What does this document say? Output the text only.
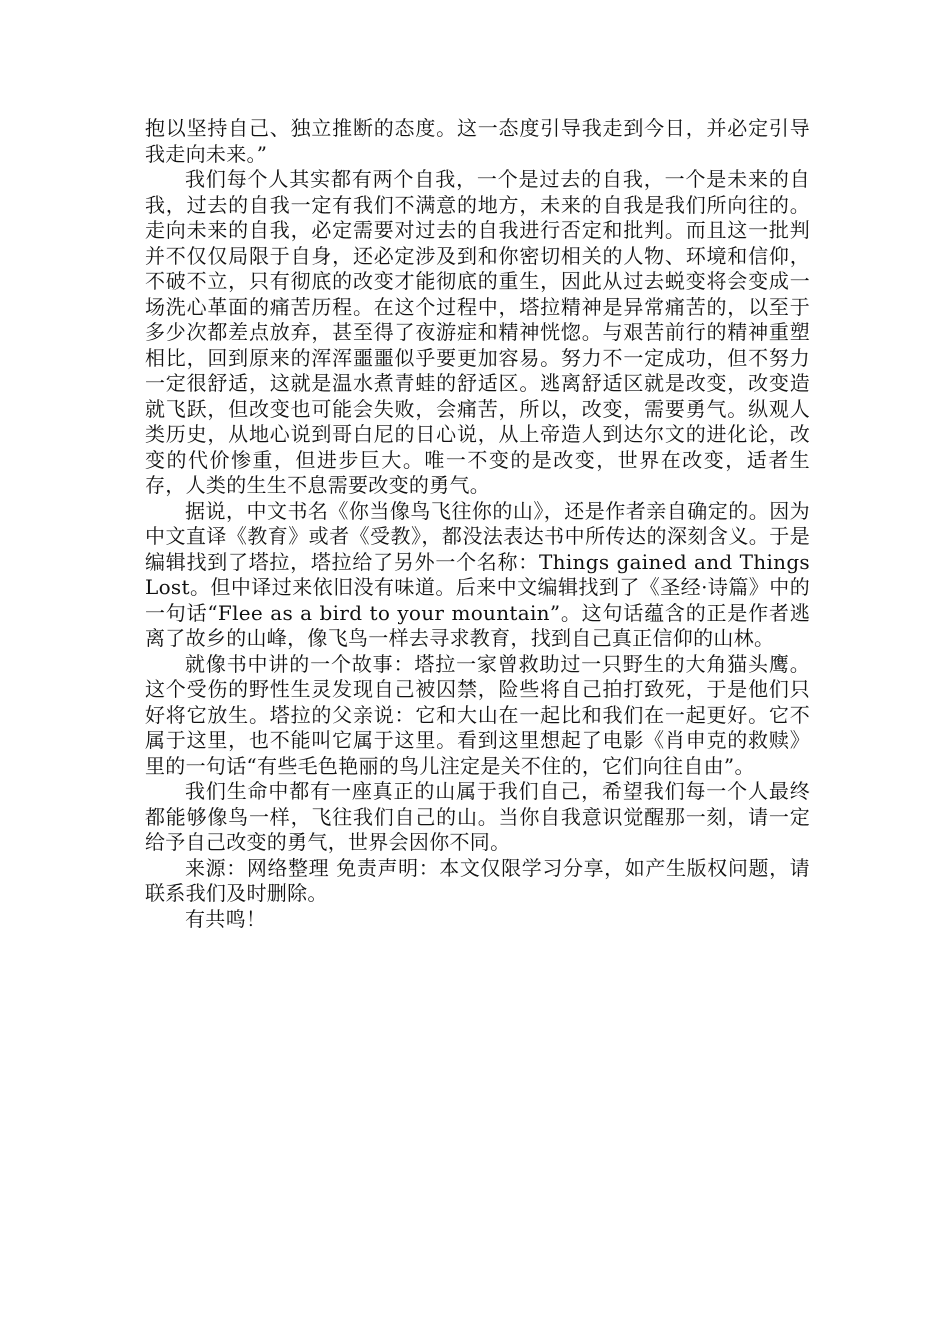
抱以坚持自己、独立推断的态度。这一态度引导我走到今日，并必定引导我走向未来。”

我们每个人其实都有两个自我，一个是过去的自我，一个是未来的自我，过去的自我一定有我们不满意的地方，未来的自我是我们所向往的。走向未来的自我，必定需要对过去的自我进行否定和批判。而且这一批判并不仅仅局限于自身，还必定涉及到和你密切相关的人物、环境和信仰，不破不立，只有彻底的改变才能彻底的重生，因此从过去蜕变将会变成一场洗心革面的痛苦历程。在这个过程中，塔拉精神是异常痛苦的，以至于多少次都差点放弃，甚至得了夜游症和精神恍惚。与艰苦前行的精神重塑相比，回到原来的浑浑噩噩似乎要更加容易。努力不一定成功，但不努力一定很舒适，这就是温水煮青蛙的舒适区。逃离舒适区就是改变，改变造就飞跃，但改变也可能会失败，会痛苦，所以，改变，需要勇气。纵观人类历史，从地心说到哥白尼的日心说，从上帝造人到达尔文的进化论，改变的代价惨重，但进步巨大。唯一不变的是改变，世界在改变，适者生存，人类的生生不息需要改变的勇气。

据说，中文书名《你当像鸟飞往你的山》，还是作者亲自确定的。因为中文直译《教育》或者《受教》，都没法表达书中所传达的深刻含义。于是编辑找到了塔拉，塔拉给了另外一个名称：Things gained and Things Lost。但中译过来依旧没有味道。后来中文编辑找到了《圣经·诗篇》中的一句话“Flee as a bird to your mountain”。这句话蕴含的正是作者逃离了故乡的山峰，像飞鸟一样去寻求教育，找到自己真正信仰的山林。

就像书中讲的一个故事：塔拉一家曾救助过一只野生的大角猫头鹰。这个受伤的野性生灵发现自己被囚禁，险些将自己拍打致死，于是他们只好将它放生。塔拉的父亲说：它和大山在一起比和我们在一起更好。它不属于这里，也不能叫它属于这里。看到这里想起了电影《肖申克的救赎》里的一句话“有些毛色艳丽的鸟儿注定是关不住的，它们向往自由”。

我们生命中都有一座真正的山属于我们自己，希望我们每一个人最终都能够像鸟一样，飞往我们自己的山。当你自我意识觉醒那一刻，请一定给予自己改变的勇气，世界会因你不同。

来源：网络整理 免责声明：本文仅限学习分享，如产生版权问题，请联系我们及时删除。

有共鸣！
